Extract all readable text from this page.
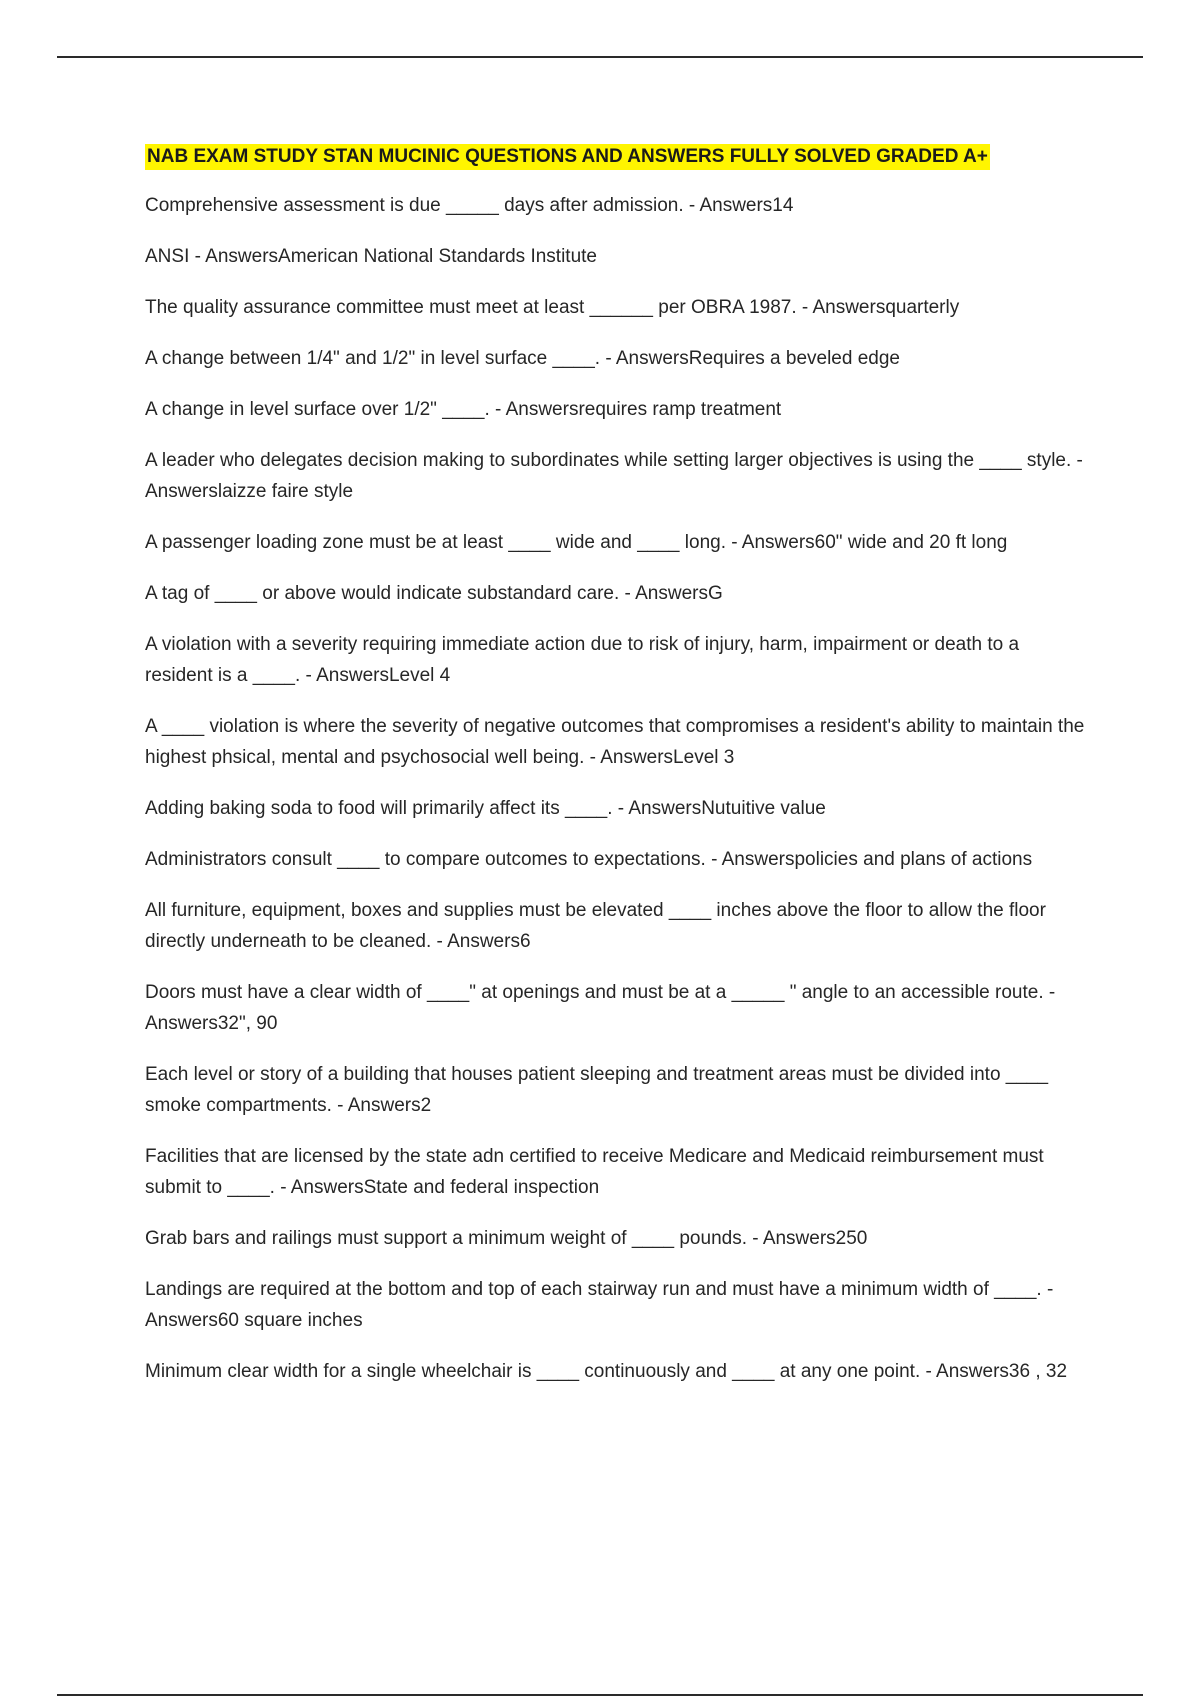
NAB EXAM STUDY STAN MUCINIC QUESTIONS AND ANSWERS FULLY SOLVED GRADED A+
Comprehensive assessment is due _____ days after admission. - Answers14
ANSI - AnswersAmerican National Standards Institute
The quality assurance committee must meet at least ______ per OBRA 1987. - Answersquarterly
A change between 1/4" and 1/2" in level surface ____. - AnswersRequires a beveled edge
A change in level surface over 1/2" ____. - Answersrequires ramp treatment
A leader who delegates decision making to subordinates while setting larger objectives is using the ____ style. - Answerslaizze faire style
A passenger loading zone must be at least ____ wide and ____ long. - Answers60" wide and 20 ft long
A tag of ____ or above would indicate substandard care. - AnswersG
A violation with a severity requiring immediate action due to risk of injury, harm, impairment or death to a resident is a ____. - AnswersLevel 4
A ____ violation is where the severity of negative outcomes that compromises a resident's ability to maintain the highest phsical, mental and psychosocial well being. - AnswersLevel 3
Adding baking soda to food will primarily affect its ____. - AnswersNutuitive value
Administrators consult ____ to compare outcomes to expectations. - Answerspolicies and plans of actions
All furniture, equipment, boxes and supplies must be elevated ____ inches above the floor to allow the floor directly underneath to be cleaned. - Answers6
Doors must have a clear width of ____" at openings and must be at a _____ " angle to an accessible route. - Answers32", 90
Each level or story of a building that houses patient sleeping and treatment areas must be divided into ____ smoke compartments. - Answers2
Facilities that are licensed by the state adn certified to receive Medicare and Medicaid reimbursement must submit to ____. - AnswersState and federal inspection
Grab bars and railings must support a minimum weight of ____ pounds. - Answers250
Landings are required at the bottom and top of each stairway run and must have a minimum width of ____. - Answers60 square inches
Minimum clear width for a single wheelchair is ____ continuously and ____ at any one point. - Answers36 , 32
